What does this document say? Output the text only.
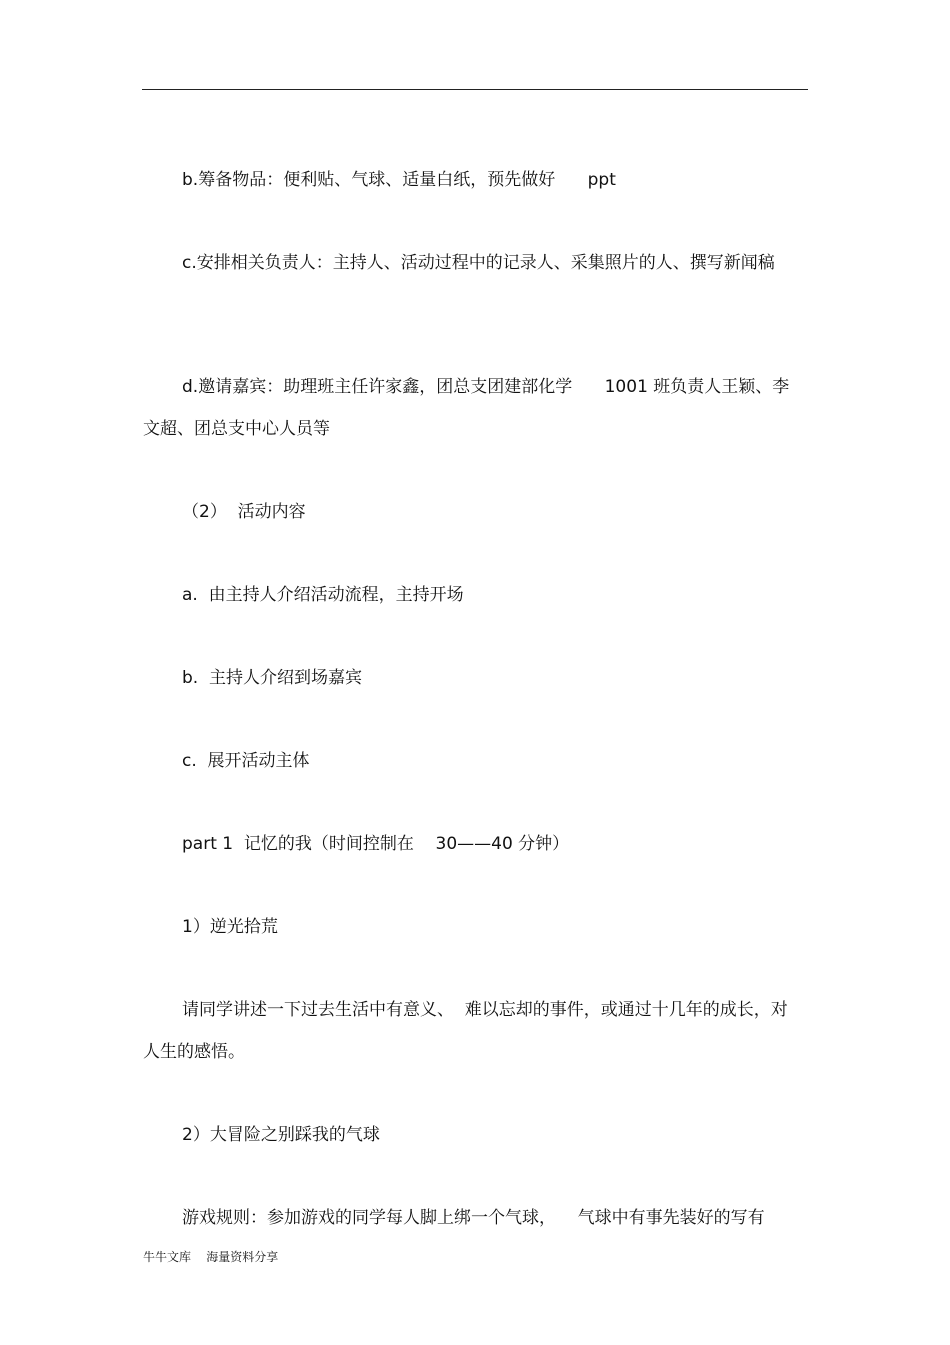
b.筹备物品：便利贴、气球、适量白纸，预先做好      ppt

c.安排相关负责人：主持人、活动过程中的记录人、采集照片的人、撰写新闻稿

d.邀请嘉宾：助理班主任许家鑫，团总支团建部化学      1001 班负责人王颖、李文超、团总支中心人员等

（2）  活动内容

a.  由主持人介绍活动流程，主持开场

b.  主持人介绍到场嘉宾

c.  展开活动主体

part 1  记忆的我（时间控制在    30——40 分钟）

1）逆光拾荒

请同学讲述一下过去生活中有意义、  难以忘却的事件，或通过十几年的成长，对人生的感悟。

2）大冒险之别踩我的气球

游戏规则：参加游戏的同学每人脚上绑一个气球，    气球中有事先装好的写有

牛牛文库    海量资料分享
